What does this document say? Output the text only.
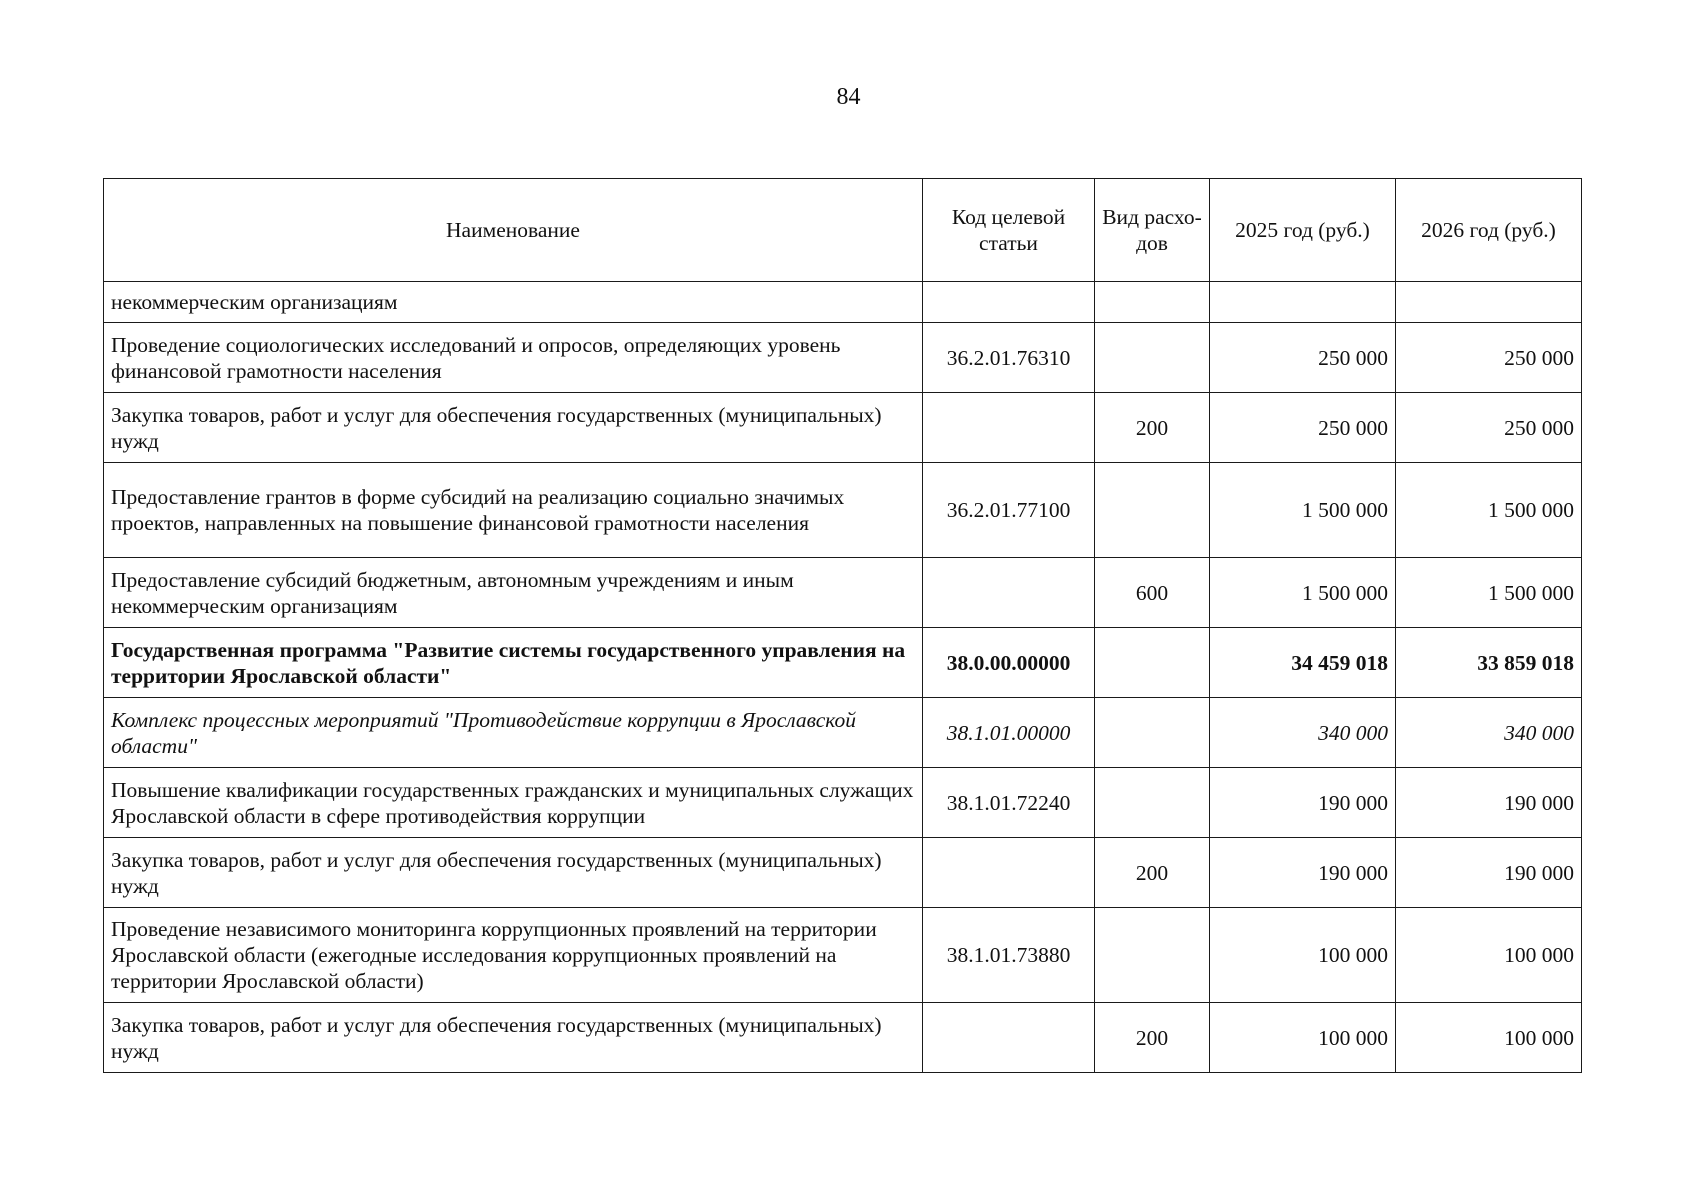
84
Наименование	Код целевой статьи	Вид расхо-дов	2025 год (руб.)	2026 год (руб.)
некоммерческим организациям				
Проведение социологических исследований и опросов, определяющих уровень финансовой грамотности населения	36.2.01.76310		250 000	250 000
Закупка товаров, работ и услуг для обеспечения государственных (муниципальных) нужд		200	250 000	250 000
Предоставление грантов в форме субсидий на реализацию социально значимых проектов, направленных на повышение финансовой грамотности населения	36.2.01.77100		1 500 000	1 500 000
Предоставление субсидий бюджетным, автономным учреждениям и иным некоммерческим организациям		600	1 500 000	1 500 000
Государственная программа "Развитие системы государственного управления на территории Ярославской области"	38.0.00.00000		34 459 018	33 859 018
Комплекс процессных мероприятий "Противодействие коррупции в Ярославской области"	38.1.01.00000		340 000	340 000
Повышение квалификации государственных гражданских и муниципальных служащих Ярославской области в сфере противодействия коррупции	38.1.01.72240		190 000	190 000
Закупка товаров, работ и услуг для обеспечения государственных (муниципальных) нужд		200	190 000	190 000
Проведение независимого мониторинга коррупционных проявлений на территории Ярославской области (ежегодные исследования коррупционных проявлений на территории Ярославской области)	38.1.01.73880		100 000	100 000
Закупка товаров, работ и услуг для обеспечения государственных (муниципальных) нужд		200	100 000	100 000
